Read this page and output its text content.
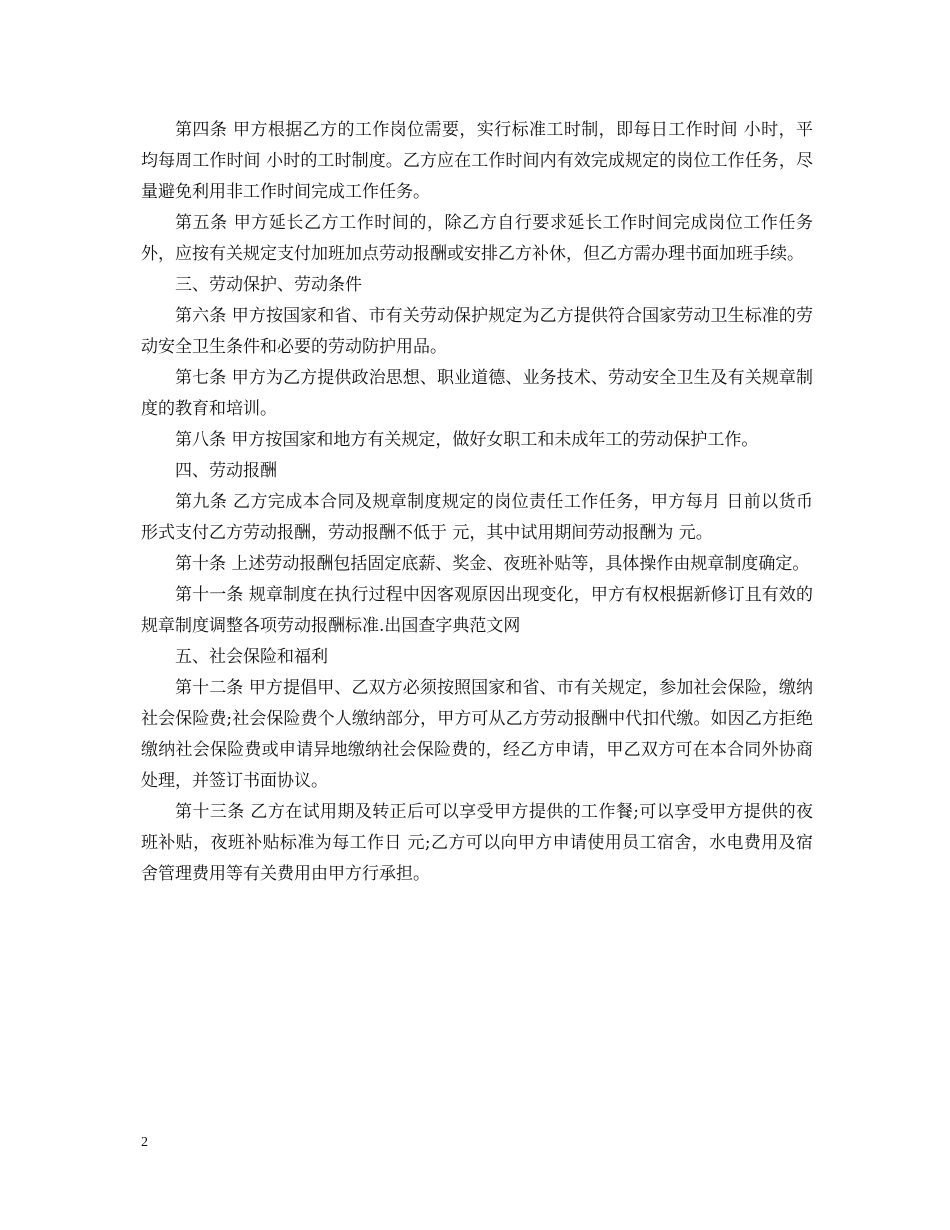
第四条 甲方根据乙方的工作岗位需要，实行标准工时制，即每日工作时间 小时，平均每周工作时间 小时的工时制度。乙方应在工作时间内有效完成规定的岗位工作任务，尽量避免利用非工作时间完成工作任务。

第五条 甲方延长乙方工作时间的，除乙方自行要求延长工作时间完成岗位工作任务外，应按有关规定支付加班加点劳动报酬或安排乙方补休，但乙方需办理书面加班手续。

三、劳动保护、劳动条件

第六条 甲方按国家和省、市有关劳动保护规定为乙方提供符合国家劳动卫生标准的劳动安全卫生条件和必要的劳动防护用品。

第七条 甲方为乙方提供政治思想、职业道德、业务技术、劳动安全卫生及有关规章制度的教育和培训。

第八条 甲方按国家和地方有关规定，做好女职工和未成年工的劳动保护工作。

四、劳动报酬

第九条 乙方完成本合同及规章制度规定的岗位责任工作任务，甲方每月 日前以货币形式支付乙方劳动报酬，劳动报酬不低于 元，其中试用期间劳动报酬为 元。

第十条 上述劳动报酬包括固定底薪、奖金、夜班补贴等，具体操作由规章制度确定。

第十一条 规章制度在执行过程中因客观原因出现变化，甲方有权根据新修订且有效的规章制度调整各项劳动报酬标准.出国查字典范文网

五、社会保险和福利

第十二条 甲方提倡甲、乙双方必须按照国家和省、市有关规定，参加社会保险，缴纳社会保险费;社会保险费个人缴纳部分，甲方可从乙方劳动报酬中代扣代缴。如因乙方拒绝缴纳社会保险费或申请异地缴纳社会保险费的，经乙方申请，甲乙双方可在本合同外协商处理，并签订书面协议。

第十三条 乙方在试用期及转正后可以享受甲方提供的工作餐;可以享受甲方提供的夜班补贴，夜班补贴标准为每工作日 元;乙方可以向甲方申请使用员工宿舍，水电费用及宿舍管理费用等有关费用由甲方行承担。

2
